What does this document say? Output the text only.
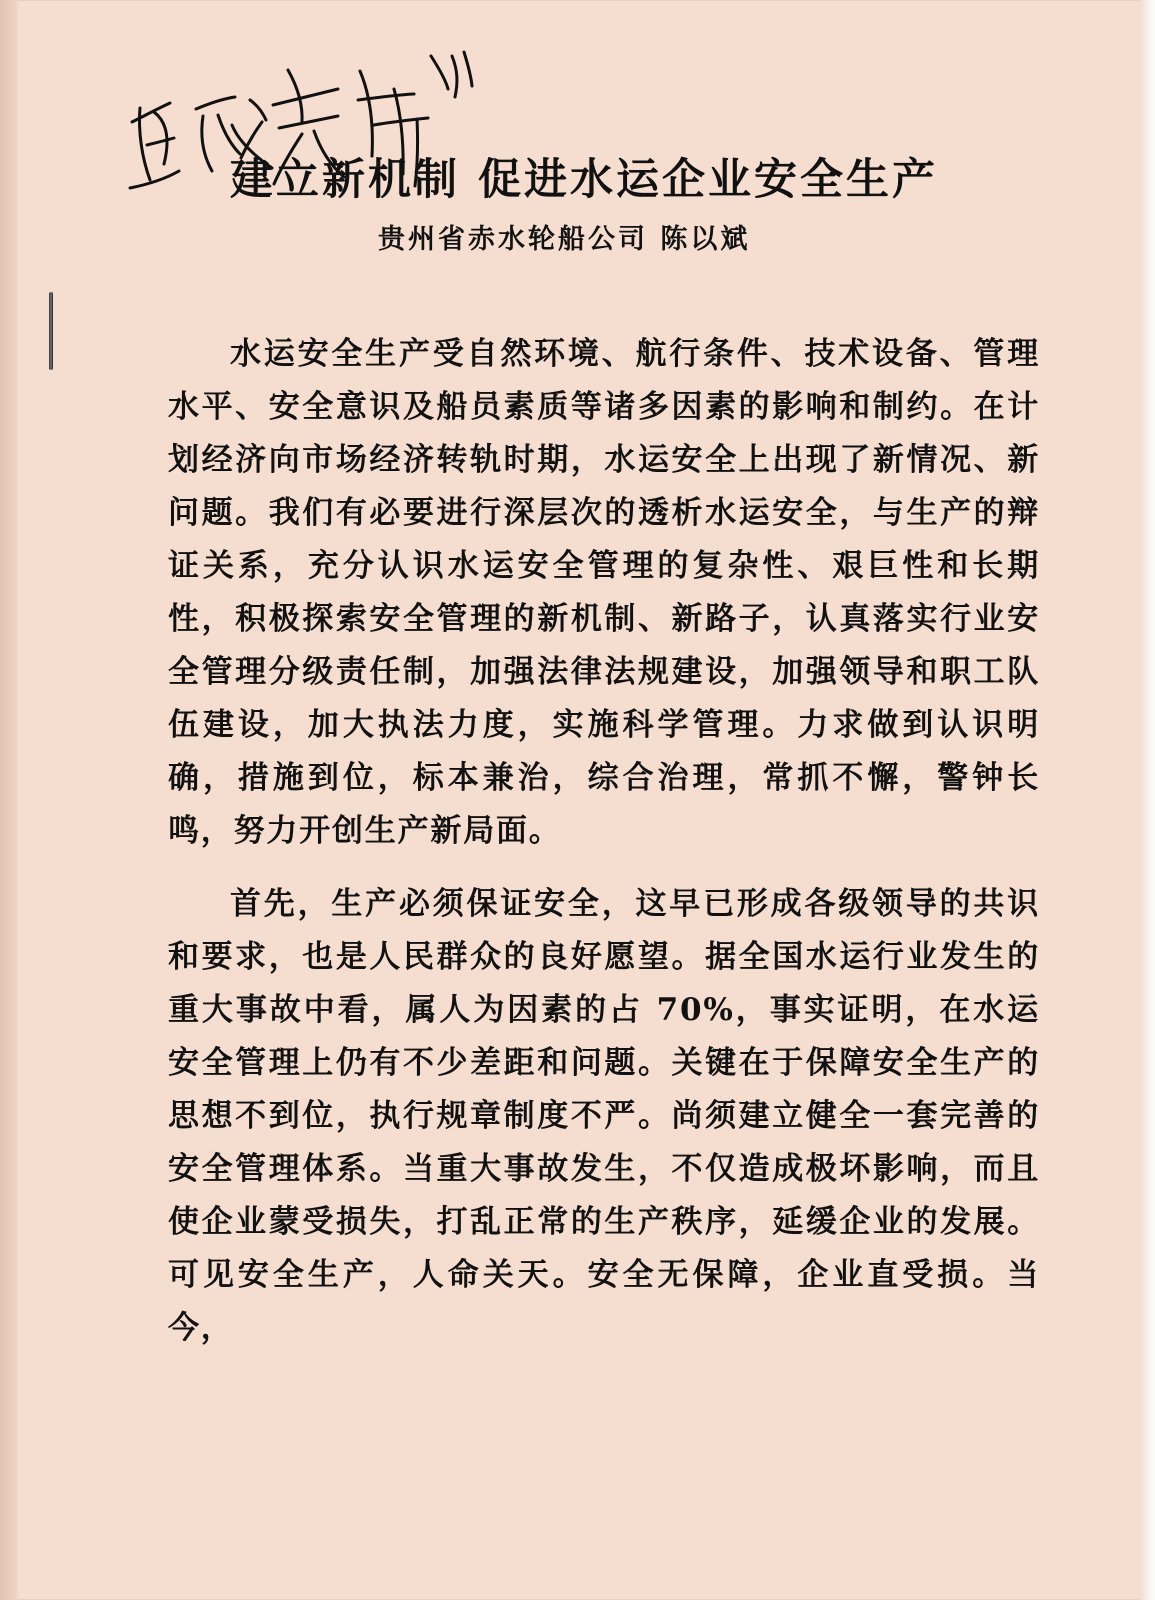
建立新机制 促进水运企业安全生产
贵州省赤水轮船公司 陈以斌

水运安全生产受自然环境、航行条件、技术设备、管理水平、安全意识及船员素质等诸多因素的影响和制约。在计划经济向市场经济转轨时期，水运安全上出现了新情况、新问题。我们有必要进行深层次的透析水运安全，与生产的辩证关系，充分认识水运安全管理的复杂性、艰巨性和长期性，积极探索安全管理的新机制、新路子，认真落实行业安全管理分级责任制，加强法律法规建设，加强领导和职工队伍建设，加大执法力度，实施科学管理。力求做到认识明确，措施到位，标本兼治，综合治理，常抓不懈，警钟长鸣，努力开创生产新局面。

首先，生产必须保证安全，这早已形成各级领导的共识和要求，也是人民群众的良好愿望。据全国水运行业发生的重大事故中看，属人为因素的占 70%，事实证明，在水运安全管理上仍有不少差距和问题。关键在于保障安全生产的思想不到位，执行规章制度不严。尚须建立健全一套完善的安全管理体系。当重大事故发生，不仅造成极坏影响，而且使企业蒙受损失，打乱正常的生产秩序，延缓企业的发展。可见安全生产，人命关天。安全无保障，企业直受损。当今，
